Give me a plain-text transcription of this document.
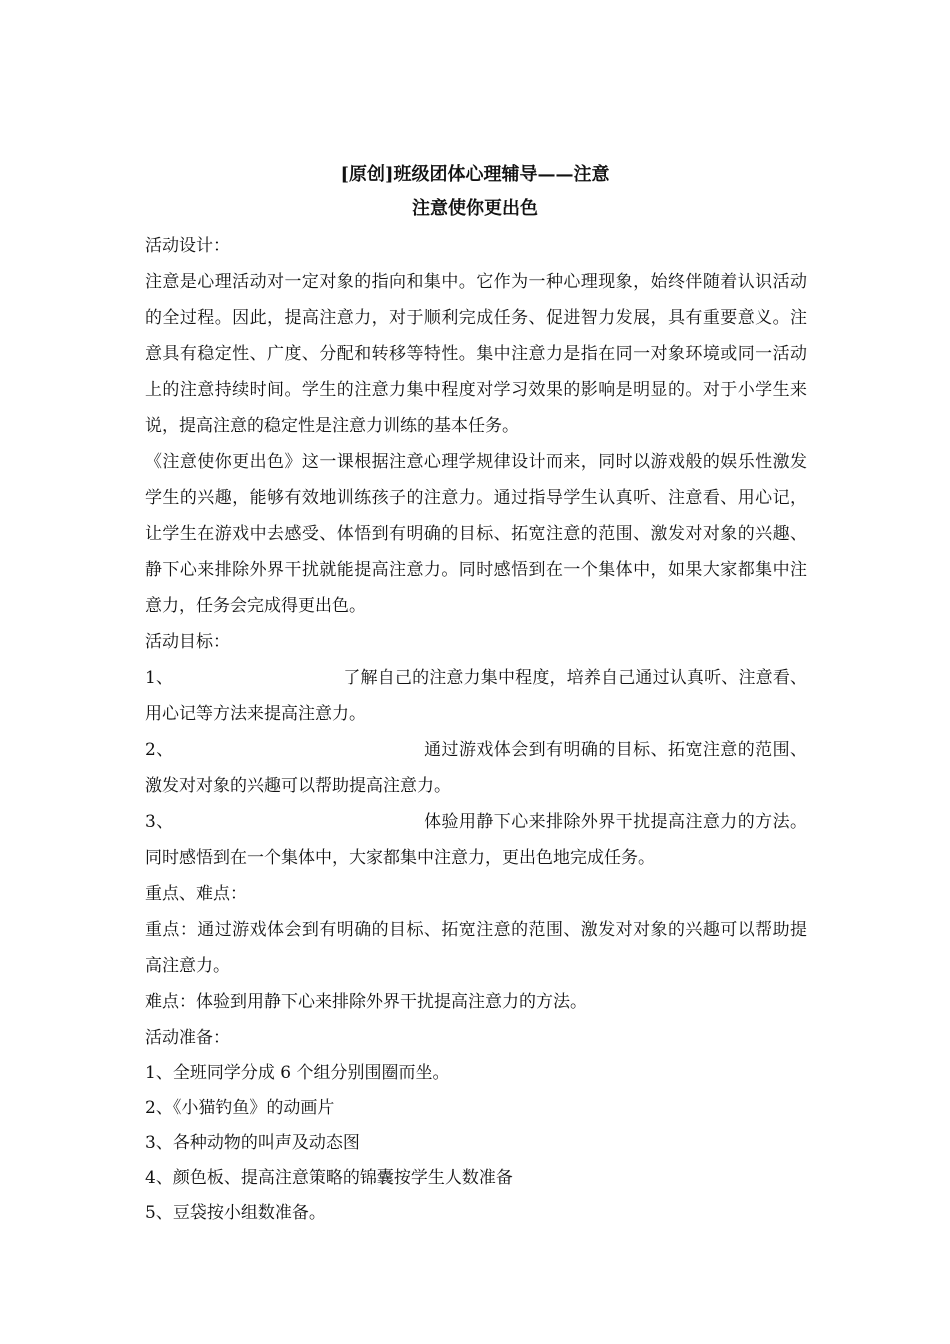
[原创]班级团体心理辅导——注意
注意使你更出色

活动设计：

注意是心理活动对一定对象的指向和集中。它作为一种心理现象，始终伴随着认识活动的全过程。因此，提高注意力，对于顺利完成任务、促进智力发展，具有重要意义。注意具有稳定性、广度、分配和转移等特性。集中注意力是指在同一对象环境或同一活动上的注意持续时间。学生的注意力集中程度对学习效果的影响是明显的。对于小学生来说，提高注意的稳定性是注意力训练的基本任务。

《注意使你更出色》这一课根据注意心理学规律设计而来，同时以游戏般的娱乐性激发学生的兴趣，能够有效地训练孩子的注意力。通过指导学生认真听、注意看、用心记，让学生在游戏中去感受、体悟到有明确的目标、拓宽注意的范围、激发对对象的兴趣、静下心来排除外界干扰就能提高注意力。同时感悟到在一个集体中，如果大家都集中注意力，任务会完成得更出色。

活动目标：

1、	了解自己的注意力集中程度，培养自己通过认真听、注意看、用心记等方法来提高注意力。

2、	通过游戏体会到有明确的目标、拓宽注意的范围、激发对对象的兴趣可以帮助提高注意力。

3、	体验用静下心来排除外界干扰提高注意力的方法。同时感悟到在一个集体中，大家都集中注意力，更出色地完成任务。

重点、难点：

重点：通过游戏体会到有明确的目标、拓宽注意的范围、激发对对象的兴趣可以帮助提高注意力。

难点：体验到用静下心来排除外界干扰提高注意力的方法。

活动准备：

1、全班同学分成 6 个组分别围圈而坐。

2、《小猫钓鱼》的动画片

3、各种动物的叫声及动态图

4、颜色板、提高注意策略的锦囊按学生人数准备

5、豆袋按小组数准备。
